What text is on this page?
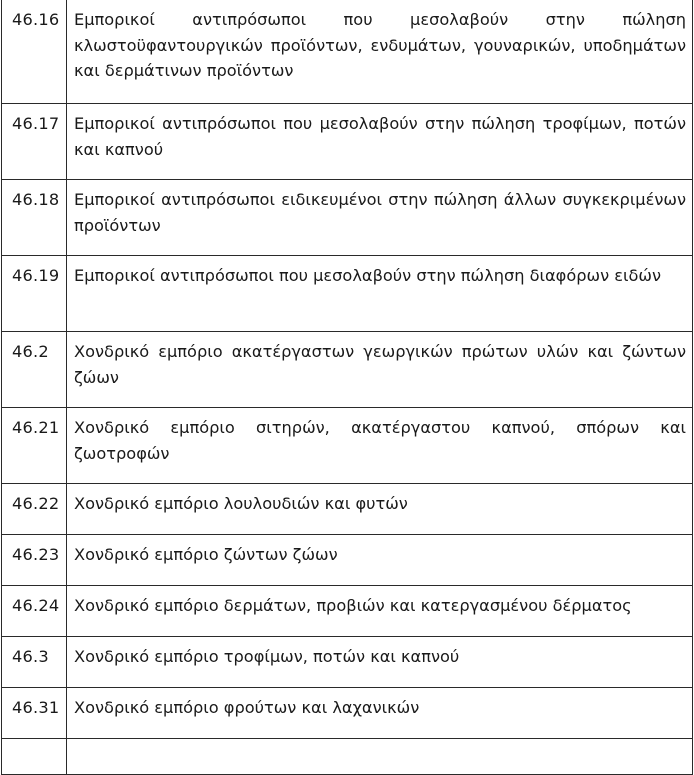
46.16	Εμπορικοί αντιπρόσωποι που μεσολαβούν στην πώληση κλωστοϋφαντουργικών προϊόντων, ενδυμάτων, γουναρικών, υποδημάτων και δερμάτινων προϊόντων
46.17	Εμπορικοί αντιπρόσωποι που μεσολαβούν στην πώληση τροφίμων, ποτών και καπνού
46.18	Εμπορικοί αντιπρόσωποι ειδικευμένοι στην πώληση άλλων συγκεκριμένων προϊόντων
46.19	Εμπορικοί αντιπρόσωποι που μεσολαβούν στην πώληση διαφόρων ειδών
46.2	Χονδρικό εμπόριο ακατέργαστων γεωργικών πρώτων υλών και ζώντων ζώων
46.21	Χονδρικό εμπόριο σιτηρών, ακατέργαστου καπνού, σπόρων και ζωοτροφών
46.22	Χονδρικό εμπόριο λουλουδιών και φυτών
46.23	Χονδρικό εμπόριο ζώντων ζώων
46.24	Χονδρικό εμπόριο δερμάτων, προβιών και κατεργασμένου δέρματος
46.3	Χονδρικό εμπόριο τροφίμων, ποτών και καπνού
46.31	Χονδρικό εμπόριο φρούτων και λαχανικών
